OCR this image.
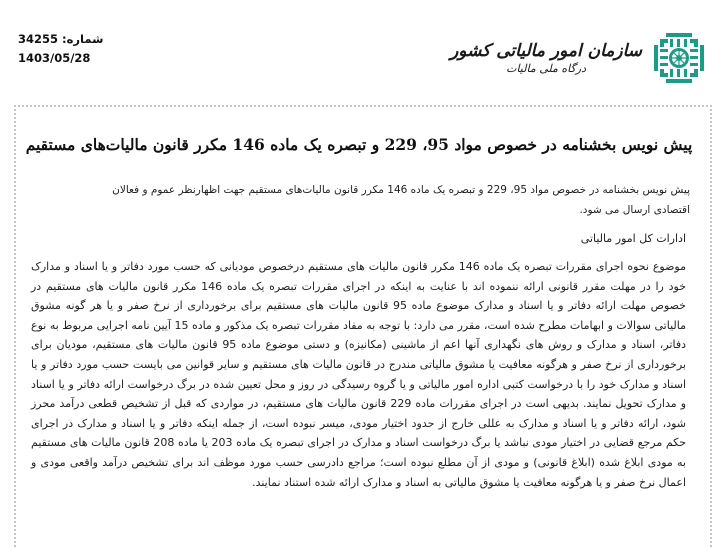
شماره: 34255
1403/05/28	سازمان امور مالیاتی کشور
درگاه ملی مالیات
پیش نویس بخشنامه در خصوص مواد 95، 229 و تبصره یک ماده 146 مکرر قانون مالیات‌های مستقیم
پیش نویس بخشنامه در خصوص مواد 95، 229 و تبصره یک ماده 146 مکرر قانون مالیات‌های مستقیم جهت اظهارنظر عموم و فعالان اقتصادی ارسال می شود.
ادارات کل امور مالیاتی
موضوع نحوه اجرای مقررات تبصره یک ماده 146 مکرر قانون مالیات های مستقیم درخصوص مودیانی که حسب مورد دفاتر و یا اسناد و مدارک خود را در مهلت مقرر قانونی ارائه ننموده اند با عنایت به اینکه در اجرای مقررات تبصره یک ماده 146 مکرر قانون مالیات های مستقیم در خصوص مهلت ارائه دفاتر و یا اسناد و مدارک موضوع ماده 95 قانون مالیات های مستقیم برای برخورداری از نرخ صفر و یا هر گونه مشوق مالیاتی سوالات و ابهامات مطرح شده است، مقرر می دارد: با توجه به مفاد مقررات تبصره یک مذکور و ماده 15 آیین نامه اجرایی مربوط به نوع دفاتر، اسناد و مدارک و روش های نگهداری آنها اعم از ماشینی (مکانیزه) و دستی موضوع ماده 95 قانون مالیات های مستقیم، مودیان برای برخورداری از نرخ صفر و هرگونه معافیت یا مشوق مالیاتی مندرج در قانون مالیات های مستقیم و سایر قوانین می بایست حسب مورد دفاتر و یا اسناد و مدارک خود را با درخواست کتبی اداره امور مالیاتی و یا گروه رسیدگی در روز و محل تعیین شده در برگ درخواست ارائه دفاتر و یا اسناد و مدارک تحویل نمایند. بدیهی است در اجرای مقررات ماده 229 قانون مالیات های مستقیم، در مواردی که قبل از تشخیص قطعی درآمد محرز شود، ارائه دفاتر و یا اسناد و مدارک به عللی خارج از حدود اختیار مودی، میسر نبوده است، از جمله اینکه دفاتر و یا اسناد و مدارک در اجرای حکم مرجع قضایی در اختیار مودی نباشد یا برگ درخواست اسناد و مدارک در اجرای تبصره یک ماده 203 یا ماده 208 قانون مالیات های مستقیم به مودی ابلاغ شده (ابلاغ قانونی) و مودی از آن مطلع نبوده است؛ مراجع دادرسی حسب مورد موظف اند برای تشخیص درآمد واقعی مودی و اعمال نرخ صفر و یا هرگونه معافیت یا مشوق مالیاتی به اسناد و مدارک ارائه شده استناد نمایند.
